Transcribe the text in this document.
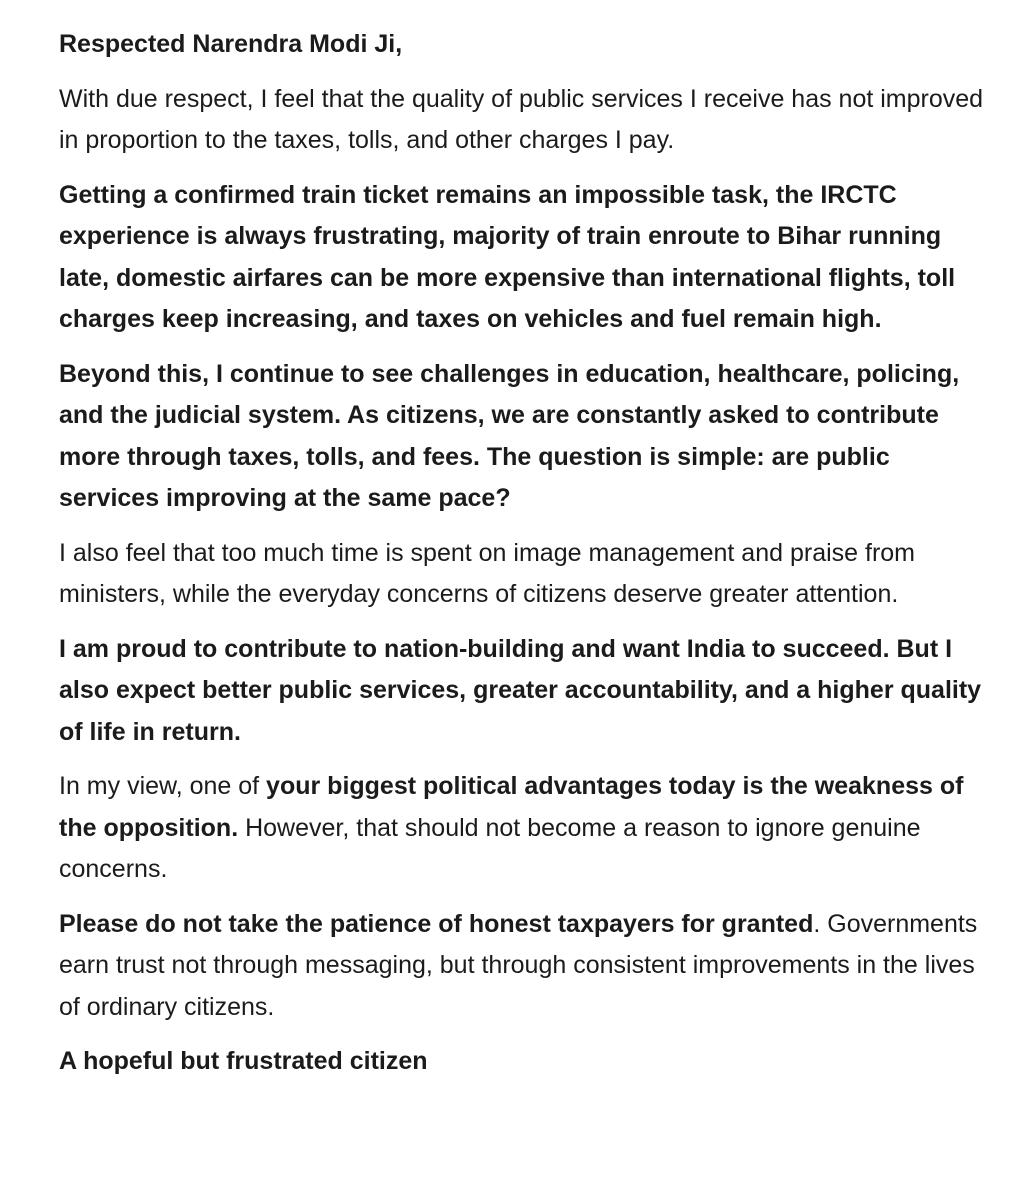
Respected Narendra Modi Ji,

With due respect, I feel that the quality of public services I receive has not improved in proportion to the taxes, tolls, and other charges I pay.

Getting a confirmed train ticket remains an impossible task, the IRCTC experience is always frustrating, majority of train enroute to Bihar running late, domestic airfares can be more expensive than international flights, toll charges keep increasing, and taxes on vehicles and fuel remain high.

Beyond this, I continue to see challenges in education, healthcare, policing, and the judicial system. As citizens, we are constantly asked to contribute more through taxes, tolls, and fees. The question is simple: are public services improving at the same pace?

I also feel that too much time is spent on image management and praise from ministers, while the everyday concerns of citizens deserve greater attention.

I am proud to contribute to nation-building and want India to succeed. But I also expect better public services, greater accountability, and a higher quality of life in return.

In my view, one of your biggest political advantages today is the weakness of the opposition. However, that should not become a reason to ignore genuine concerns.

Please do not take the patience of honest taxpayers for granted. Governments earn trust not through messaging, but through consistent improvements in the lives of ordinary citizens.

A hopeful but frustrated citizen
